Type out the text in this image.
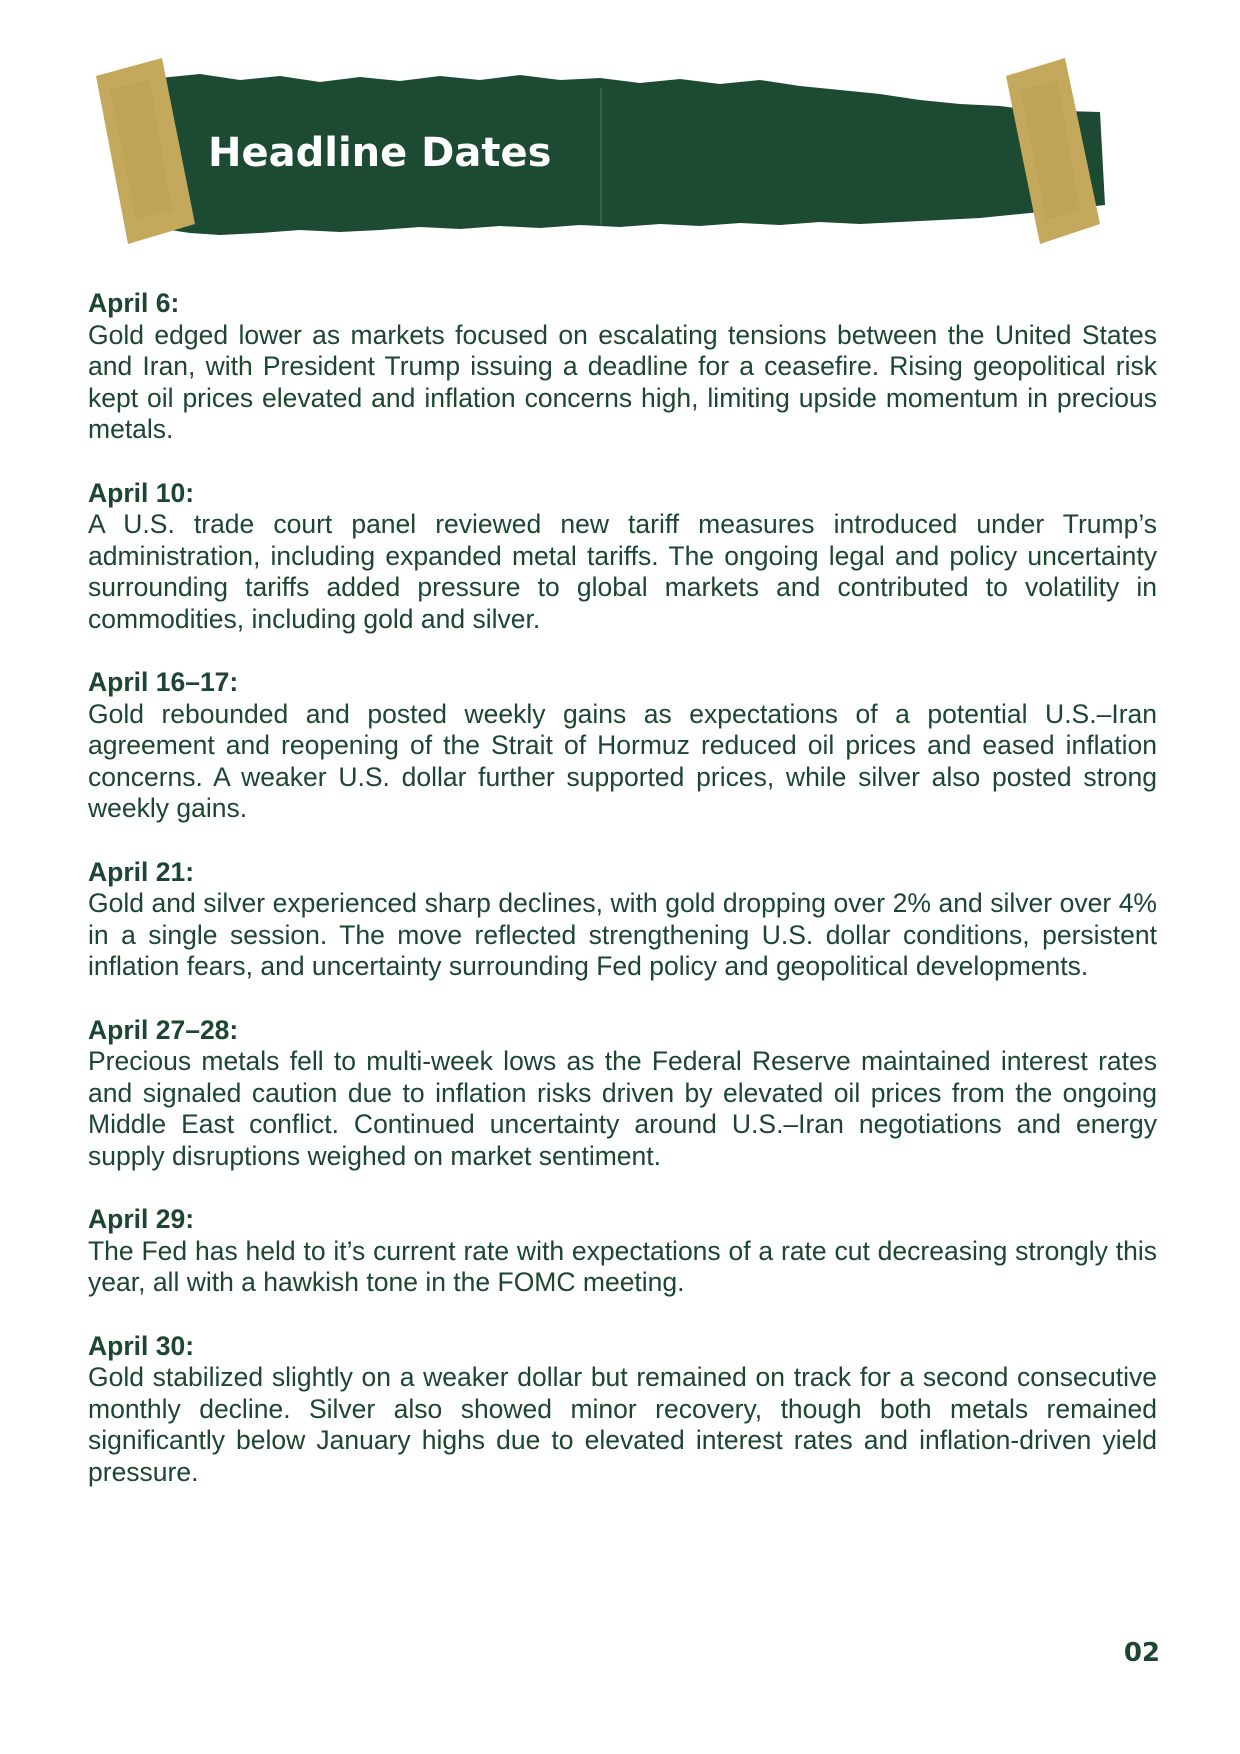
Headline Dates
April 6:
Gold edged lower as markets focused on escalating tensions between the United States and Iran, with President Trump issuing a deadline for a ceasefire. Rising geopolitical risk kept oil prices elevated and inflation concerns high, limiting upside momentum in precious metals.
April 10:
A U.S. trade court panel reviewed new tariff measures introduced under Trump’s administration, including expanded metal tariffs. The ongoing legal and policy uncertainty surrounding tariffs added pressure to global markets and contributed to volatility in commodities, including gold and silver.
April 16–17:
Gold rebounded and posted weekly gains as expectations of a potential U.S.–Iran agreement and reopening of the Strait of Hormuz reduced oil prices and eased inflation concerns. A weaker U.S. dollar further supported prices, while silver also posted strong weekly gains.
April 21:
Gold and silver experienced sharp declines, with gold dropping over 2% and silver over 4% in a single session. The move reflected strengthening U.S. dollar conditions, persistent inflation fears, and uncertainty surrounding Fed policy and geopolitical developments.
April 27–28:
Precious metals fell to multi-week lows as the Federal Reserve maintained interest rates and signaled caution due to inflation risks driven by elevated oil prices from the ongoing Middle East conflict. Continued uncertainty around U.S.–Iran negotiations and energy supply disruptions weighed on market sentiment.
April 29:
The Fed has held to it’s current rate with expectations of a rate cut decreasing strongly this year, all with a hawkish tone in the FOMC meeting.
April 30:
Gold stabilized slightly on a weaker dollar but remained on track for a second consecutive monthly decline. Silver also showed minor recovery, though both metals remained significantly below January highs due to elevated interest rates and inflation-driven yield pressure.
02
